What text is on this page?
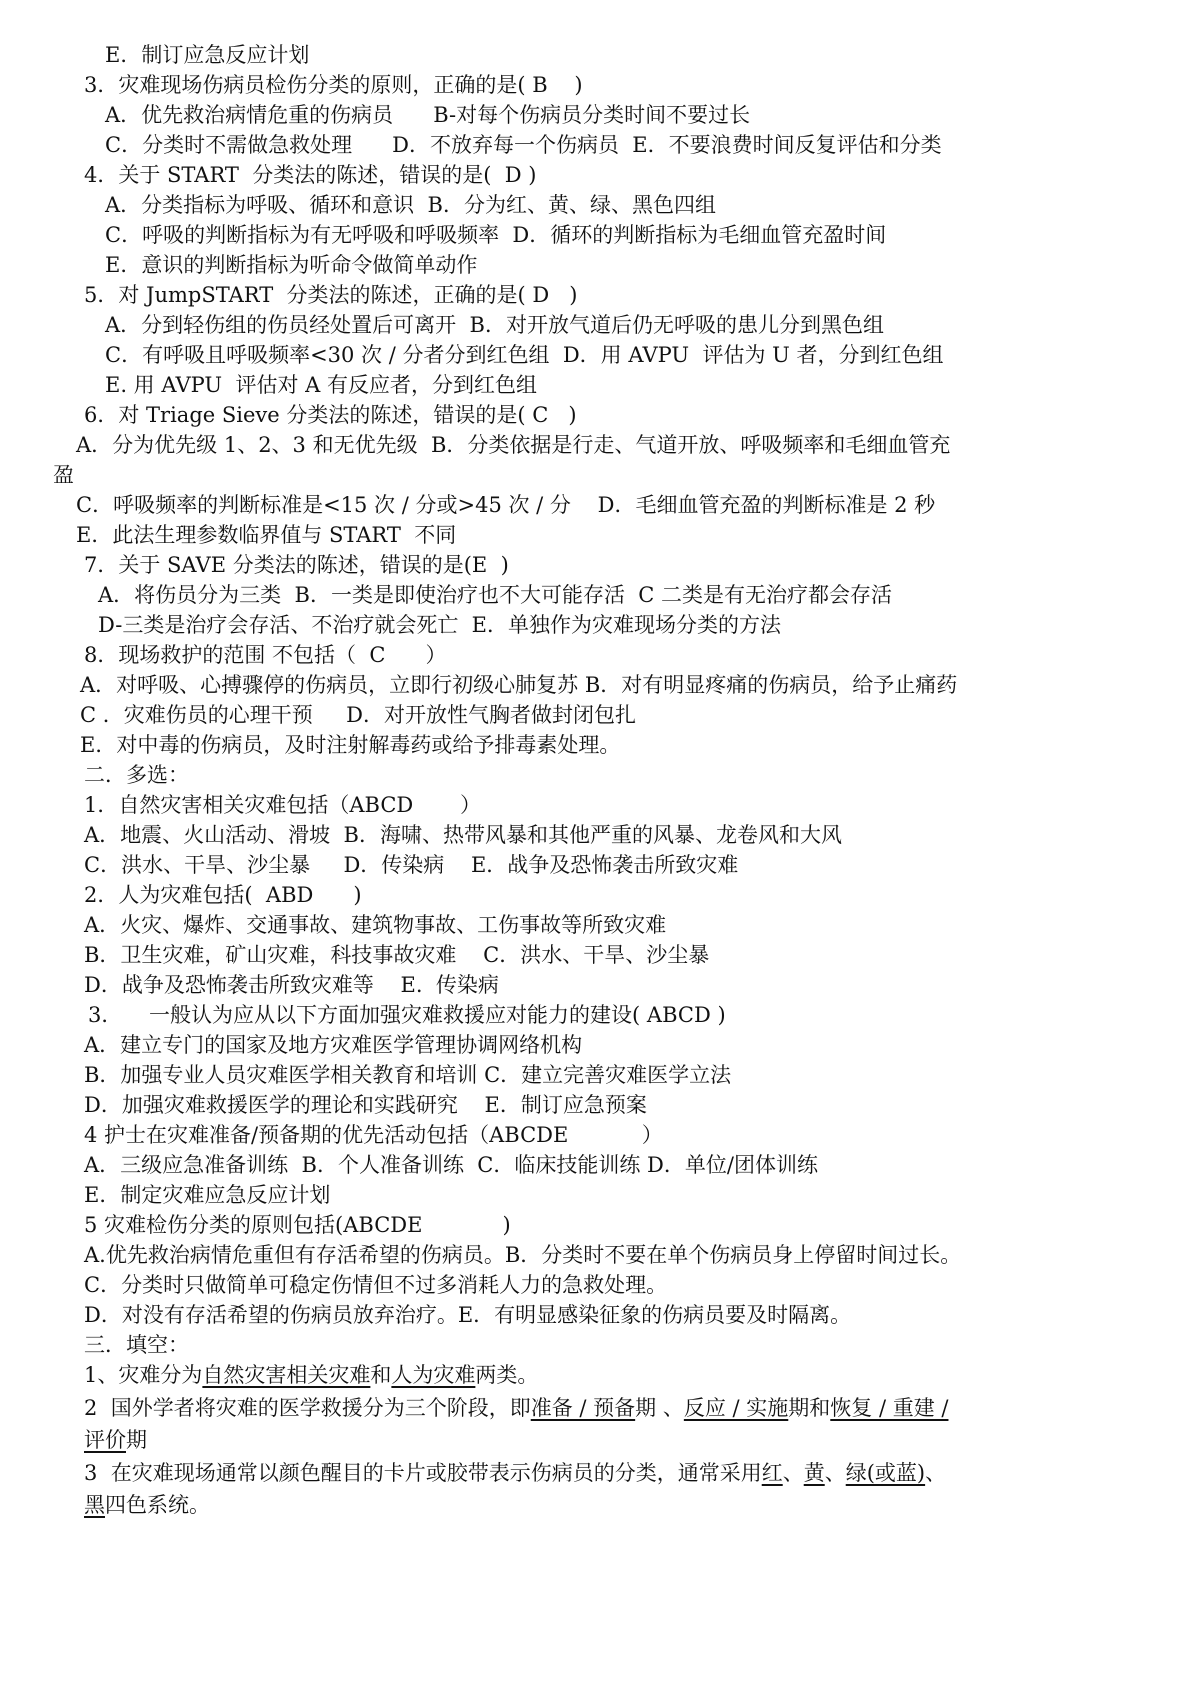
E．制订应急反应计划
3．灾难现场伤病员检伤分类的原则，正确的是( B    )
A．优先救治病情危重的伤病员      B-对每个伤病员分类时间不要过长
C．分类时不需做急救处理      D．不放弃每一个伤病员  E．不要浪费时间反复评估和分类
4．关于 START  分类法的陈述，错误的是(  D )
A．分类指标为呼吸、循环和意识  B．分为红、黄、绿、黑色四组
C．呼吸的判断指标为有无呼吸和呼吸频率  D．循环的判断指标为毛细血管充盈时间
E．意识的判断指标为听命令做简单动作
5．对 JumpSTART  分类法的陈述，正确的是( D   )
A．分到轻伤组的伤员经处置后可离开  B．对开放气道后仍无呼吸的患儿分到黑色组
C．有呼吸且呼吸频率<30 次 / 分者分到红色组  D．用 AVPU  评估为 U 者，分到红色组
E. 用 AVPU  评估对 A 有反应者，分到红色组
6．对 Triage Sieve 分类法的陈述，错误的是( C   )
A．分为优先级 1、2、3 和无优先级  B．分类依据是行走、气道开放、呼吸频率和毛细血管充
盈
C．呼吸频率的判断标准是<15 次 / 分或>45 次 / 分    D．毛细血管充盈的判断标准是 2 秒
E．此法生理参数临界值与 START  不同
7．关于 SAVE 分类法的陈述，错误的是(E  )
A．将伤员分为三类  B．一类是即使治疗也不大可能存活  C 二类是有无治疗都会存活
D-三类是治疗会存活、不治疗就会死亡  E．单独作为灾难现场分类的方法
8．现场救护的范围 不包括（  C      ）
A．对呼吸、心搏骤停的伤病员，立即行初级心肺复苏 B．对有明显疼痛的伤病员，给予止痛药
C ．灾难伤员的心理干预     D．对开放性气胸者做封闭包扎
E．对中毒的伤病员，及时注射解毒药或给予排毒素处理。
二．多选：
1．自然灾害相关灾难包括（ABCD       ）
A．地震、火山活动、滑坡  B．海啸、热带风暴和其他严重的风暴、龙卷风和大风
C．洪水、干旱、沙尘暴     D．传染病    E．战争及恐怖袭击所致灾难
2．人为灾难包括(  ABD      )
A．火灾、爆炸、交通事故、建筑物事故、工伤事故等所致灾难
B．卫生灾难，矿山灾难，科技事故灾难    C．洪水、干旱、沙尘暴
D．战争及恐怖袭击所致灾难等    E.  传染病
3．    一般认为应从以下方面加强灾难救援应对能力的建设( ABCD )
A．建立专门的国家及地方灾难医学管理协调网络机构
B．加强专业人员灾难医学相关教育和培训 C．建立完善灾难医学立法
D．加强灾难救援医学的理论和实践研究    E．制订应急预案
4 护士在灾难准备/预备期的优先活动包括（ABCDE           ）
A．三级应急准备训练  B．个人准备训练  C．临床技能训练 D．单位/团体训练
E．制定灾难应急反应计划
5 灾难检伤分类的原则包括(ABCDE            )
A.优先救治病情危重但有存活希望的伤病员。B．分类时不要在单个伤病员身上停留时间过长。
C．分类时只做简单可稳定伤情但不过多消耗人力的急救处理。
D．对没有存活希望的伤病员放弃治疗。E．有明显感染征象的伤病员要及时隔离。
三．填空：
1、灾难分为自然灾害相关灾难和人为灾难两类。
2  国外学者将灾难的医学救援分为三个阶段，即准备 / 预备期 、反应 / 实施期和恢复 / 重建 /
评价期
3  在灾难现场通常以颜色醒目的卡片或胶带表示伤病员的分类，通常采用红、黄、绿(或蓝)、
黑四色系统。
